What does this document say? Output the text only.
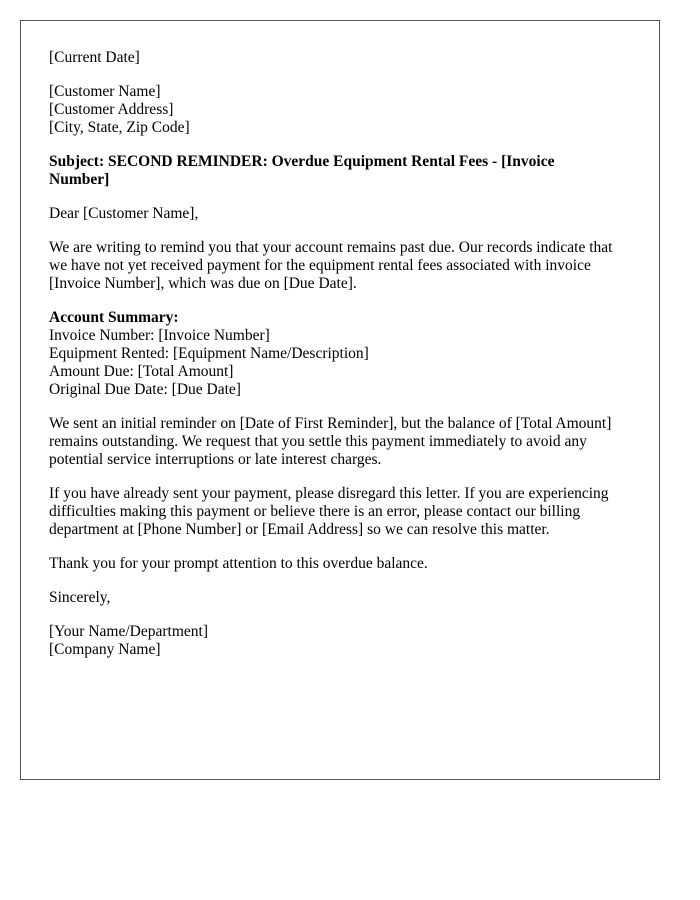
[Current Date]
[Customer Name]
[Customer Address]
[City, State, Zip Code]
Subject: SECOND REMINDER: Overdue Equipment Rental Fees - [Invoice
Number]
Dear [Customer Name],
We are writing to remind you that your account remains past due. Our records indicate that
we have not yet received payment for the equipment rental fees associated with invoice
[Invoice Number], which was due on [Due Date].
Account Summary:
Invoice Number: [Invoice Number]
Equipment Rented: [Equipment Name/Description]
Amount Due: [Total Amount]
Original Due Date: [Due Date]
We sent an initial reminder on [Date of First Reminder], but the balance of [Total Amount]
remains outstanding. We request that you settle this payment immediately to avoid any
potential service interruptions or late interest charges.
If you have already sent your payment, please disregard this letter. If you are experiencing
difficulties making this payment or believe there is an error, please contact our billing
department at [Phone Number] or [Email Address] so we can resolve this matter.
Thank you for your prompt attention to this overdue balance.
Sincerely,
[Your Name/Department]
[Company Name]
